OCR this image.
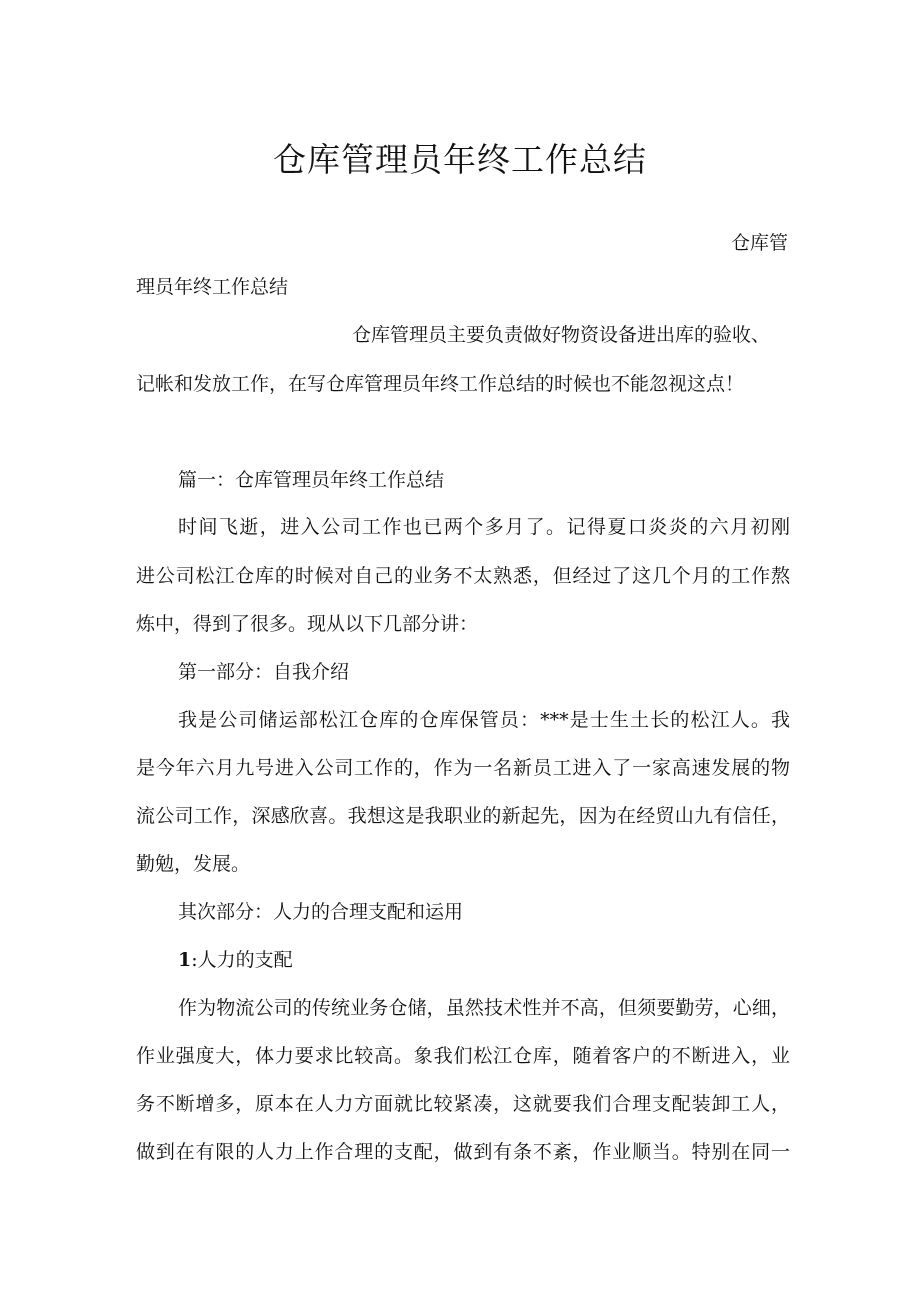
仓库管理员年终工作总结
仓库管
理员年终工作总结
仓库管理员主要负责做好物资设备进出库的验收、
记帐和发放工作，在写仓库管理员年终工作总结的时候也不能忽视这点！
篇一：仓库管理员年终工作总结
时间飞逝，进入公司工作也已两个多月了。记得夏口炎炎的六月初刚
进公司松江仓库的时候对自己的业务不太熟悉，但经过了这几个月的工作熬
炼中，得到了很多。现从以下几部分讲：
第一部分：自我介绍
我是公司储运部松江仓库的仓库保管员：***是士生土长的松江人。我
是今年六月九号进入公司工作的，作为一名新员工进入了一家高速发展的物
流公司工作，深感欣喜。我想这是我职业的新起先，因为在经贸山九有信任，
勤勉，发展。
其次部分：人力的合理支配和运用
1:人力的支配
作为物流公司的传统业务仓储，虽然技术性并不高，但须要勤劳，心细，
作业强度大，体力要求比较高。象我们松江仓库，随着客户的不断进入，业
务不断增多，原本在人力方面就比较紧凑，这就要我们合理支配装卸工人，
做到在有限的人力上作合理的支配，做到有条不紊，作业顺当。特别在同一
